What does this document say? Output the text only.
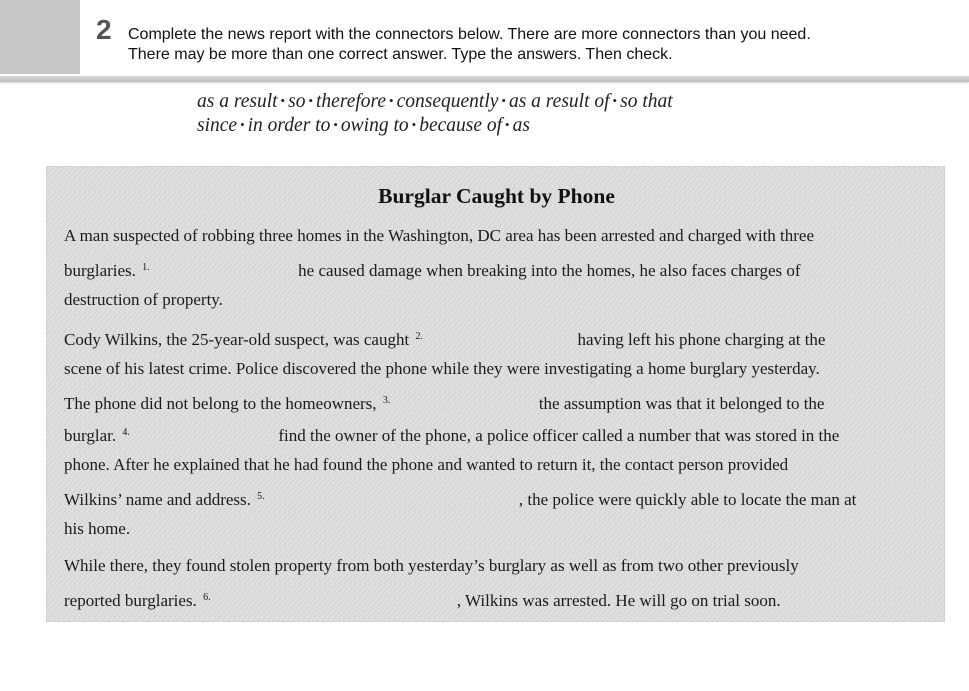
2 Complete the news report with the connectors below. There are more connectors than you need.
There may be more than one correct answer. Type the answers. Then check.
as a result • so • therefore • consequently • as a result of • so that
since • in order to • owing to • because of • as
Burglar Caught by Phone
A man suspected of robbing three homes in the Washington, DC area has been arrested and charged with three
burglaries. $^{1.}$	he caused damage when breaking into the homes, he also faces charges of
destruction of property.
Cody Wilkins, the 25-year-old suspect, was caught $^{2.}$	having left his phone charging at the
scene of his latest crime. Police discovered the phone while they were investigating a home burglary yesterday.
The phone did not belong to the homeowners, $^{3.}$	the assumption was that it belonged to the
burglar. $^{4.}$	find the owner of the phone, a police officer called a number that was stored in the
phone. After he explained that he had found the phone and wanted to return it, the contact person provided
Wilkins’ name and address. $^{5.}$	, the police were quickly able to locate the man at
his home.
While there, they found stolen property from both yesterday’s burglary as well as from two other previously
reported burglaries. $^{6.}$	, Wilkins was arrested. He will go on trial soon.
